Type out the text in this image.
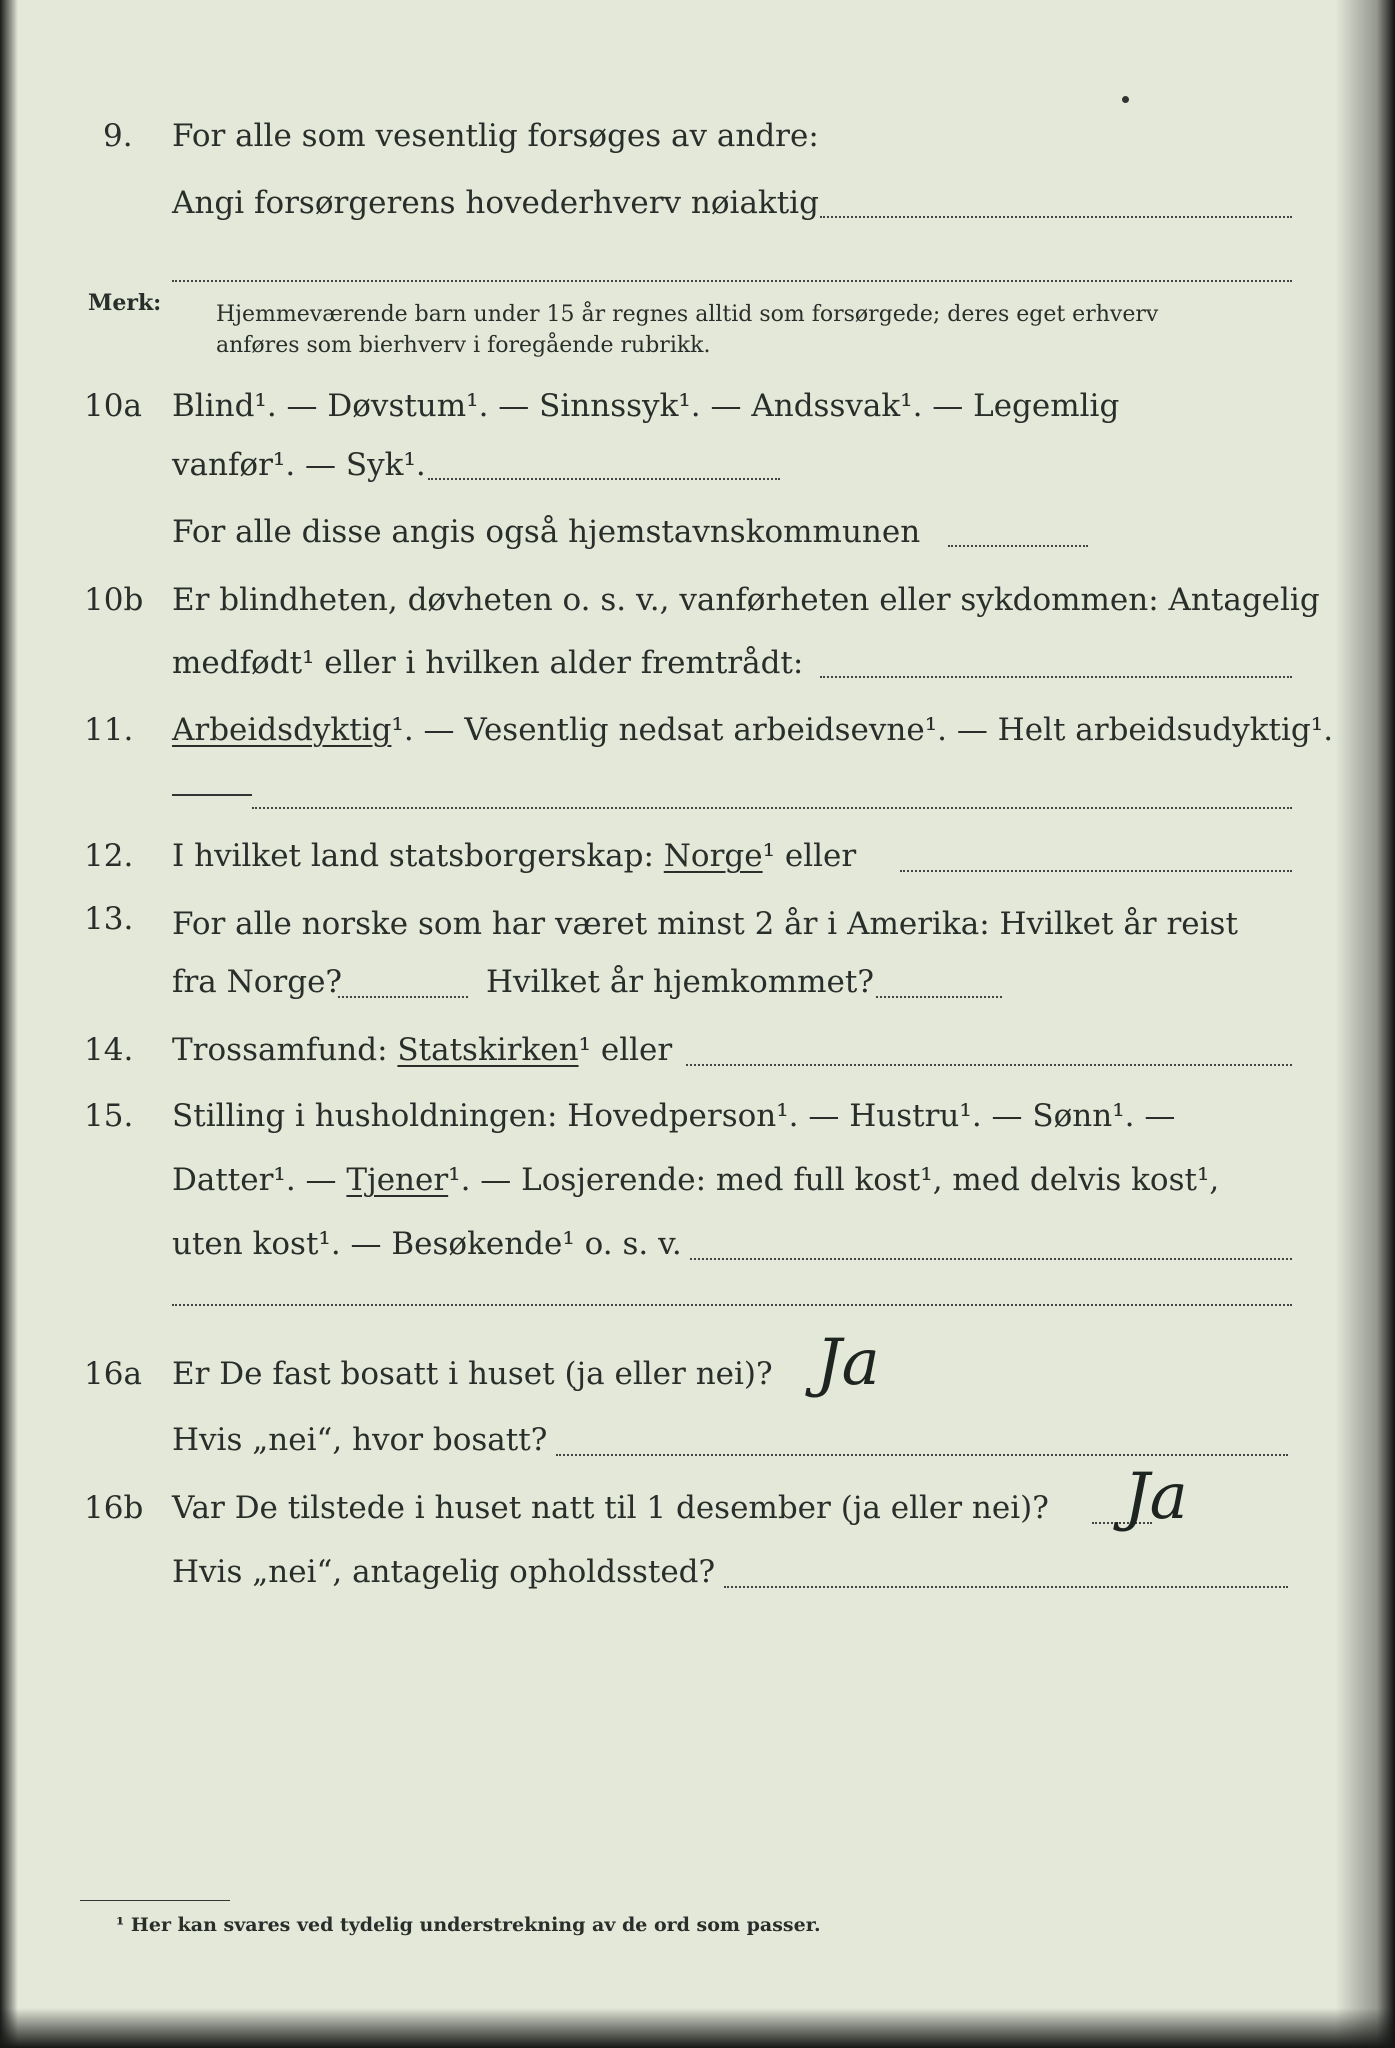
9. For alle som vesentlig forsøges av andre:
Angi forsørgerens hovederhverv nøiaktig
Merk: Hjemmeværende barn under 15 år regnes alltid som forsørgede; deres eget erhverv
anføres som bierhverv i foregående rubrikk.
10a Blind¹. — Døvstum¹. — Sinnssyk¹. — Andssvak¹. — Legemlig
vanfør¹. — Syk¹.
For alle disse angis også hjemstavnskommunen
10b Er blindheten, døvheten o. s. v., vanførheten eller sykdommen: Antagelig
medfødt¹ eller i hvilken alder fremtrådt:
11. Arbeidsdyktig¹. — Vesentlig nedsat arbeidsevne¹. — Helt arbeidsudyktig¹.
12. I hvilket land statsborgerskap: Norge¹ eller
13. For alle norske som har været minst 2 år i Amerika: Hvilket år reist
fra Norge?	Hvilket år hjemkommet?
14. Trossamfund: Statskirken¹ eller
15. Stilling i husholdningen: Hovedperson¹. — Hustru¹. — Sønn¹. —
Datter¹. — Tjener¹. — Losjerende: med full kost¹, med delvis kost¹,
uten kost¹. — Besøkende¹ o. s. v.
16a Er De fast bosatt i huset (ja eller nei)? Ja
Hvis „nei“, hvor bosatt?
16b Var De tilstede i huset natt til 1 desember (ja eller nei)? Ja
Hvis „nei“, antagelig opholdssted?
¹ Her kan svares ved tydelig understrekning av de ord som passer.
